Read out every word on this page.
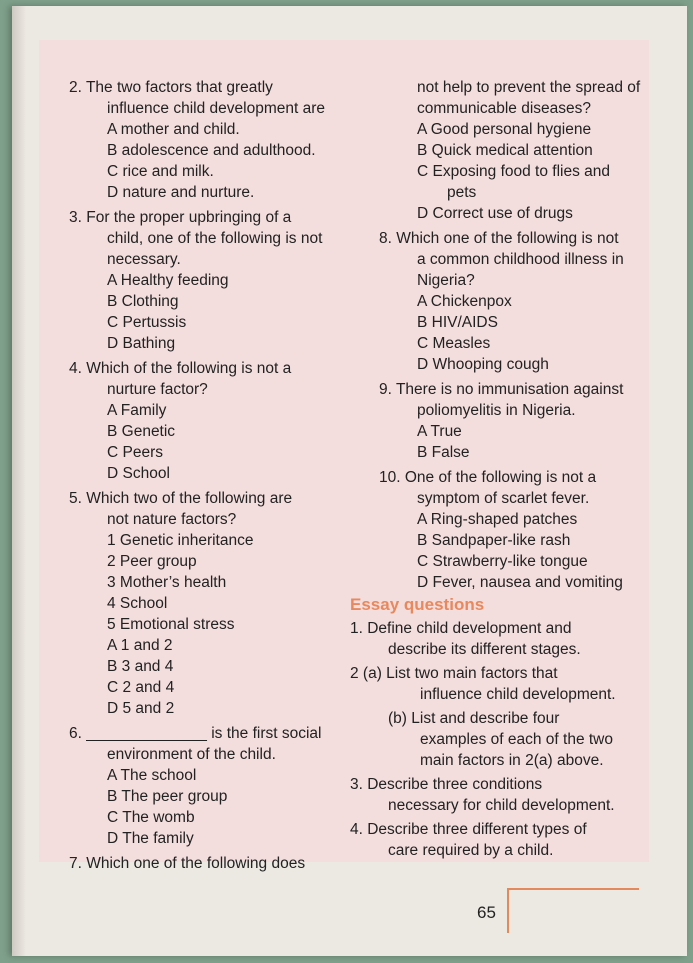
2. The two factors that greatly
influence child development are
A mother and child.
B adolescence and adulthood.
C rice and milk.
D nature and nurture.
3. For the proper upbringing of a
child, one of the following is not
necessary.
A Healthy feeding
B Clothing
C Pertussis
D Bathing
4. Which of the following is not a
nurture factor?
A Family
B Genetic
C Peers
D School
5. Which two of the following are
not nature factors?
1 Genetic inheritance
2 Peer group
3 Mother’s health
4 School
5 Emotional stress
A 1 and 2
B 3 and 4
C 2 and 4
D 5 and 2
6. ______________ is the first social
environment of the child.
A The school
B The peer group
C The womb
D The family
7. Which one of the following does
not help to prevent the spread of
communicable diseases?
A Good personal hygiene
B Quick medical attention
C Exposing food to flies and
pets
D Correct use of drugs
8. Which one of the following is not
a common childhood illness in
Nigeria?
A Chickenpox
B HIV/AIDS
C Measles
D Whooping cough
9. There is no immunisation against
poliomyelitis in Nigeria.
A True
B False
10. One of the following is not a
symptom of scarlet fever.
A Ring-shaped patches
B Sandpaper-like rash
C Strawberry-like tongue
D Fever, nausea and vomiting
Essay questions
1. Define child development and
describe its different stages.
2 (a) List two main factors that
influence child development.
(b) List and describe four
examples of each of the two
main factors in 2(a) above.
3. Describe three conditions
necessary for child development.
4. Describe three different types of
care required by a child.
65
